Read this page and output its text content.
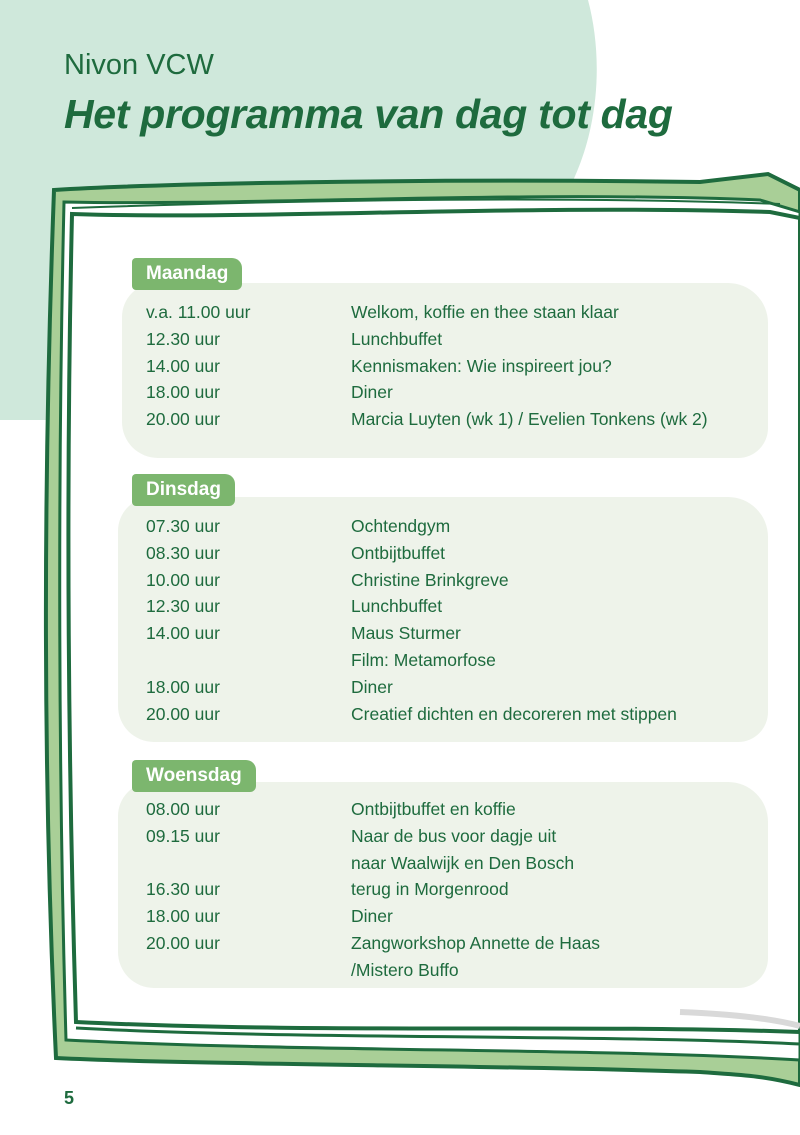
Nivon VCW

Het programma van dag tot dag
Maandag
v.a. 11.00 uur	Welkom, koffie en thee staan klaar
12.30 uur	Lunchbuffet
14.00 uur	Kennismaken: Wie inspireert jou?
18.00 uur	Diner
20.00 uur	Marcia Luyten (wk 1) / Evelien Tonkens (wk 2)
Dinsdag
07.30 uur	Ochtendgym
08.30 uur	Ontbijtbuffet
10.00 uur	Christine Brinkgreve
12.30 uur	Lunchbuffet
14.00 uur	Maus Sturmer
Film: Metamorfose
18.00 uur	Diner
20.00 uur	Creatief dichten en decoreren met stippen
Woensdag
08.00 uur	Ontbijtbuffet en koffie
09.15 uur	Naar de bus voor dagje uit
naar Waalwijk en Den Bosch
16.30 uur	terug in Morgenrood
18.00 uur	Diner
20.00 uur	Zangworkshop Annette de Haas
/Mistero Buffo
5
